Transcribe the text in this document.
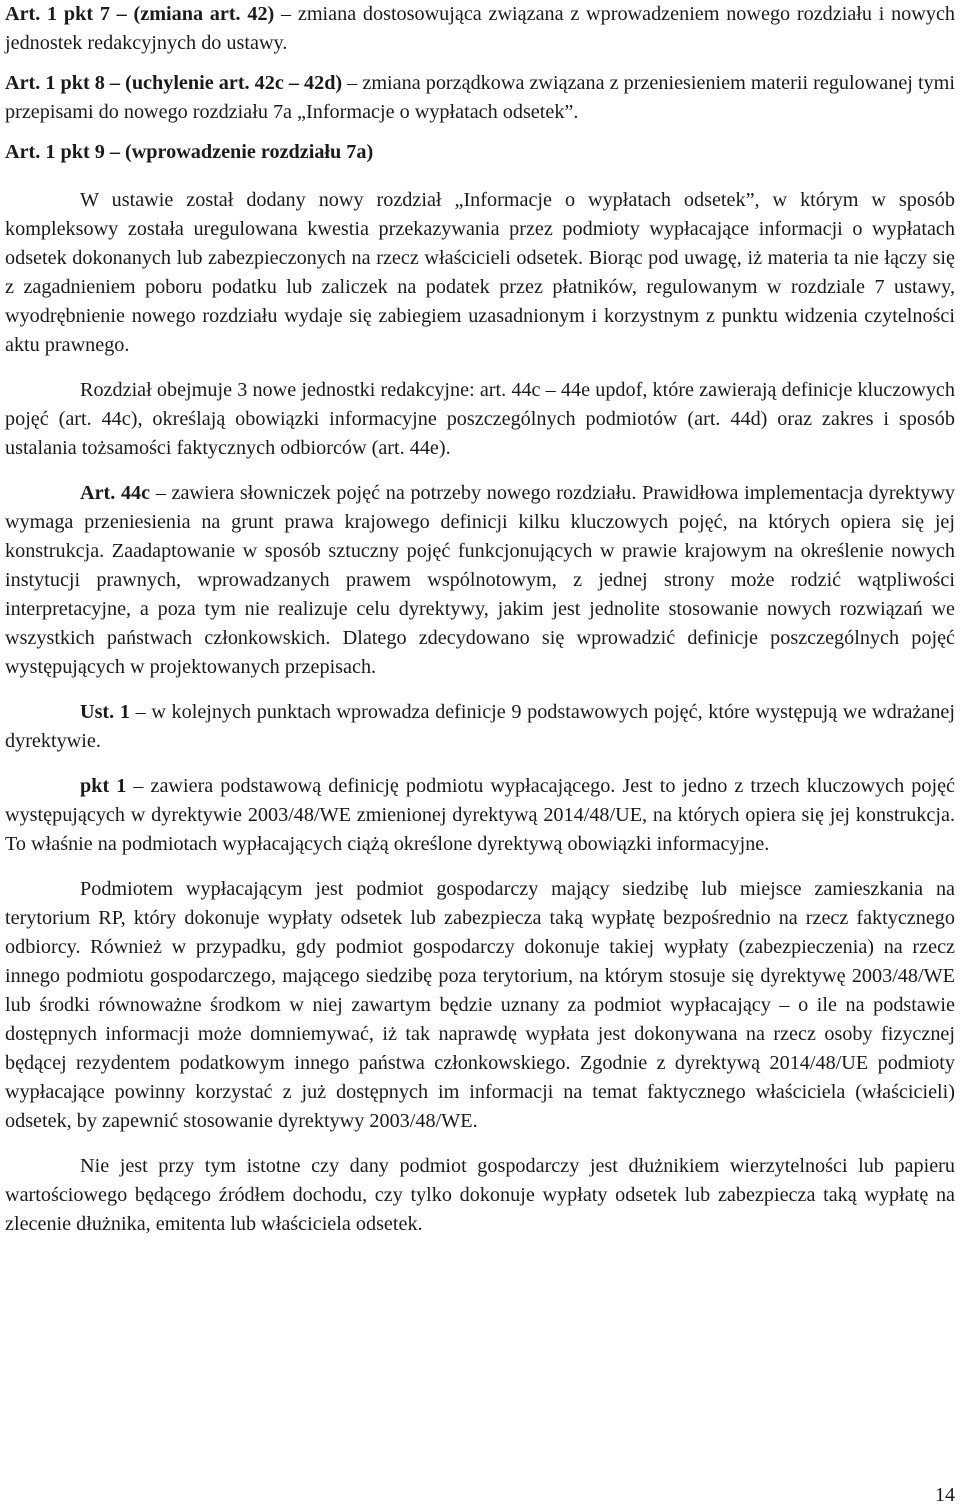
Art. 1 pkt 7 – (zmiana art. 42) – zmiana dostosowująca związana z wprowadzeniem nowego rozdziału i nowych jednostek redakcyjnych do ustawy.

Art. 1 pkt 8 – (uchylenie art. 42c – 42d) – zmiana porządkowa związana z przeniesieniem materii regulowanej tymi przepisami do nowego rozdziału 7a „Informacje o wypłatach odsetek”.

Art. 1 pkt 9 – (wprowadzenie rozdziału 7a)

W ustawie został dodany nowy rozdział „Informacje o wypłatach odsetek”, w którym w sposób kompleksowy została uregulowana kwestia przekazywania przez podmioty wypłacające informacji o wypłatach odsetek dokonanych lub zabezpieczonych na rzecz właścicieli odsetek. Biorąc pod uwagę, iż materia ta nie łączy się z zagadnieniem poboru podatku lub zaliczek na podatek przez płatników, regulowanym w rozdziale 7 ustawy, wyodrębnienie nowego rozdziału wydaje się zabiegiem uzasadnionym i korzystnym z punktu widzenia czytelności aktu prawnego.

Rozdział obejmuje 3 nowe jednostki redakcyjne: art. 44c – 44e updof, które zawierają definicje kluczowych pojęć (art. 44c), określają obowiązki informacyjne poszczególnych podmiotów (art. 44d) oraz zakres i sposób ustalania tożsamości faktycznych odbiorców (art. 44e).

Art. 44c – zawiera słowniczek pojęć na potrzeby nowego rozdziału. Prawidłowa implementacja dyrektywy wymaga przeniesienia na grunt prawa krajowego definicji kilku kluczowych pojęć, na których opiera się jej konstrukcja. Zaadaptowanie w sposób sztuczny pojęć funkcjonujących w prawie krajowym na określenie nowych instytucji prawnych, wprowadzanych prawem wspólnotowym, z jednej strony może rodzić wątpliwości interpretacyjne, a poza tym nie realizuje celu dyrektywy, jakim jest jednolite stosowanie nowych rozwiązań we wszystkich państwach członkowskich. Dlatego zdecydowano się wprowadzić definicje poszczególnych pojęć występujących w projektowanych przepisach.

Ust. 1 – w kolejnych punktach wprowadza definicje 9 podstawowych pojęć, które występują we wdrażanej dyrektywie.

pkt 1 – zawiera podstawową definicję podmiotu wypłacającego. Jest to jedno z trzech kluczowych pojęć występujących w dyrektywie 2003/48/WE zmienionej dyrektywą 2014/48/UE, na których opiera się jej konstrukcja. To właśnie na podmiotach wypłacających ciążą określone dyrektywą obowiązki informacyjne.

Podmiotem wypłacającym jest podmiot gospodarczy mający siedzibę lub miejsce zamieszkania na terytorium RP, który dokonuje wypłaty odsetek lub zabezpiecza taką wypłatę bezpośrednio na rzecz faktycznego odbiorcy. Również w przypadku, gdy podmiot gospodarczy dokonuje takiej wypłaty (zabezpieczenia) na rzecz innego podmiotu gospodarczego, mającego siedzibę poza terytorium, na którym stosuje się dyrektywę 2003/48/WE lub środki równoważne środkom w niej zawartym będzie uznany za podmiot wypłacający – o ile na podstawie dostępnych informacji może domniemywać, iż tak naprawdę wypłata jest dokonywana na rzecz osoby fizycznej będącej rezydentem podatkowym innego państwa członkowskiego. Zgodnie z dyrektywą 2014/48/UE podmioty wypłacające powinny korzystać z już dostępnych im informacji na temat faktycznego właściciela (właścicieli) odsetek, by zapewnić stosowanie dyrektywy 2003/48/WE.

Nie jest przy tym istotne czy dany podmiot gospodarczy jest dłużnikiem wierzytelności lub papieru wartościowego będącego źródłem dochodu, czy tylko dokonuje wypłaty odsetek lub zabezpiecza taką wypłatę na zlecenie dłużnika, emitenta lub właściciela odsetek.

14
